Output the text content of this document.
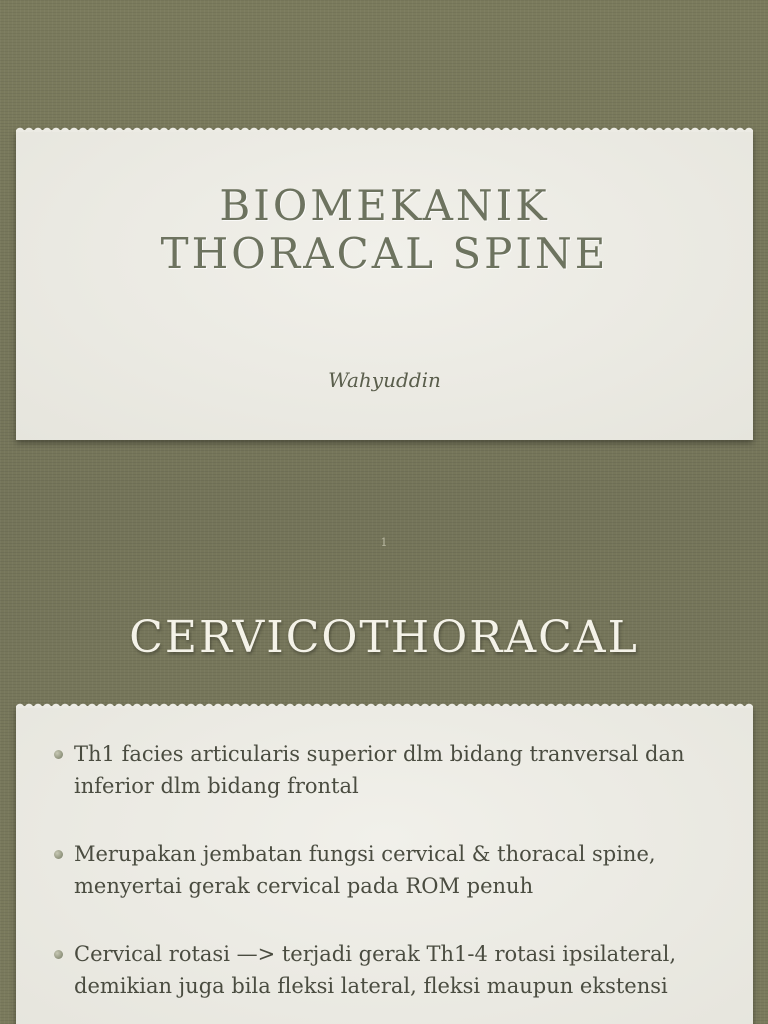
BIOMEKANIK
THORACAL SPINE
Wahyuddin
1
CERVICOTHORACAL
Th1 facies articularis superior dlm bidang tranversal dan inferior dlm bidang frontal
Merupakan jembatan fungsi cervical & thoracal spine, menyertai gerak cervical pada ROM penuh
Cervical rotasi —> terjadi gerak Th1-4 rotasi ipsilateral, demikian juga bila fleksi lateral, fleksi maupun ekstensi
